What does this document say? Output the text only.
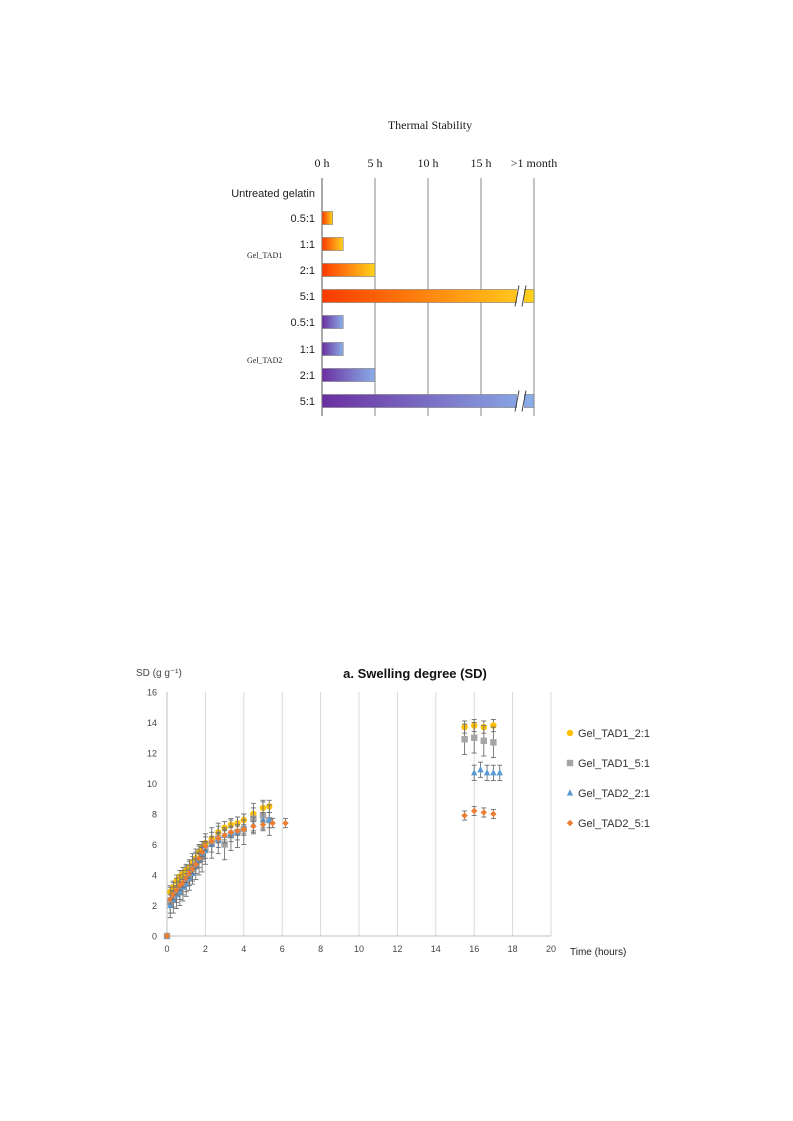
Thermal Stability
0 h	5 h	10 h	15 h >1 month
Untreated gelatin
0.5:1
1:1
2:1
5:1
0.5:1
1:1
2:1
5:1
Gel_TAD1
Gel_TAD2
a. Swelling degree (SD)
SD (g g⁻¹)
Time (hours)
0
2
4
6
8
10
12
14
16
0	2	4	6	8	10	12	14	16	18	20
Gel_TAD1_2:1
Gel_TAD1_5:1
Gel_TAD2_2:1
Gel_TAD2_5:1
